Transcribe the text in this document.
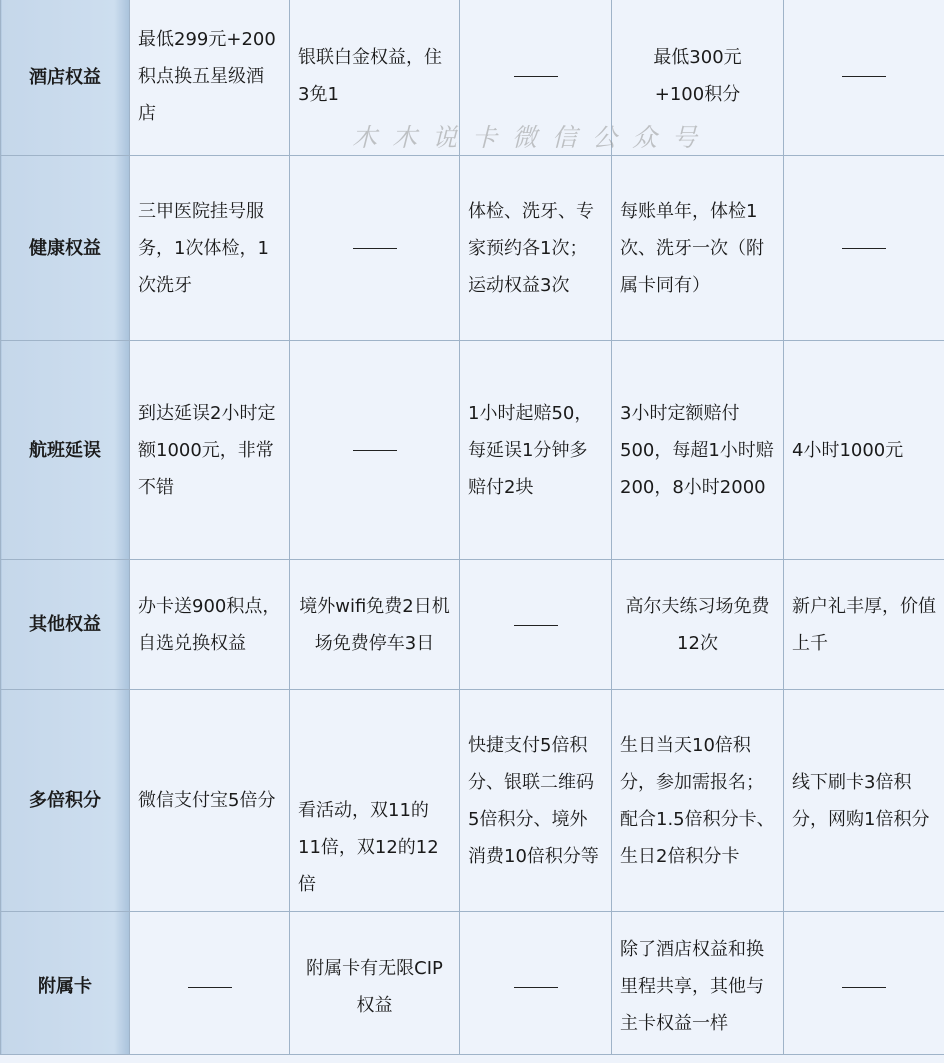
酒店权益	最低299元+200积点换五星级酒店	银联白金权益，住3免1		最低300元+100积分	

健康权益	三甲医院挂号服务，1次体检，1次洗牙		体检、洗牙、专家预约各1次；运动权益3次	每账单年，体检1次、洗牙一次（附属卡同有）	

航班延误	到达延误2小时定额1000元，非常不错		1小时起赔50，每延误1分钟多赔付2块	3小时定额赔付500，每超1小时赔200，8小时2000	4小时1000元

其他权益	办卡送900积点，自选兑换权益	境外wifi免费2日机场免费停车3日		高尔夫练习场免费12次	新户礼丰厚，价值上千

多倍积分	微信支付宝5倍分	看活动，双11的11倍，双12的12倍	快捷支付5倍积分、银联二维码5倍积分、境外消费10倍积分等	生日当天10倍积分，参加需报名；配合1.5倍积分卡、生日2倍积分卡	线下刷卡3倍积分，网购1倍积分

附属卡		附属卡有无限CIP权益		除了酒店权益和换里程共享，其他与主卡权益一样	

木木说卡微信公众号
